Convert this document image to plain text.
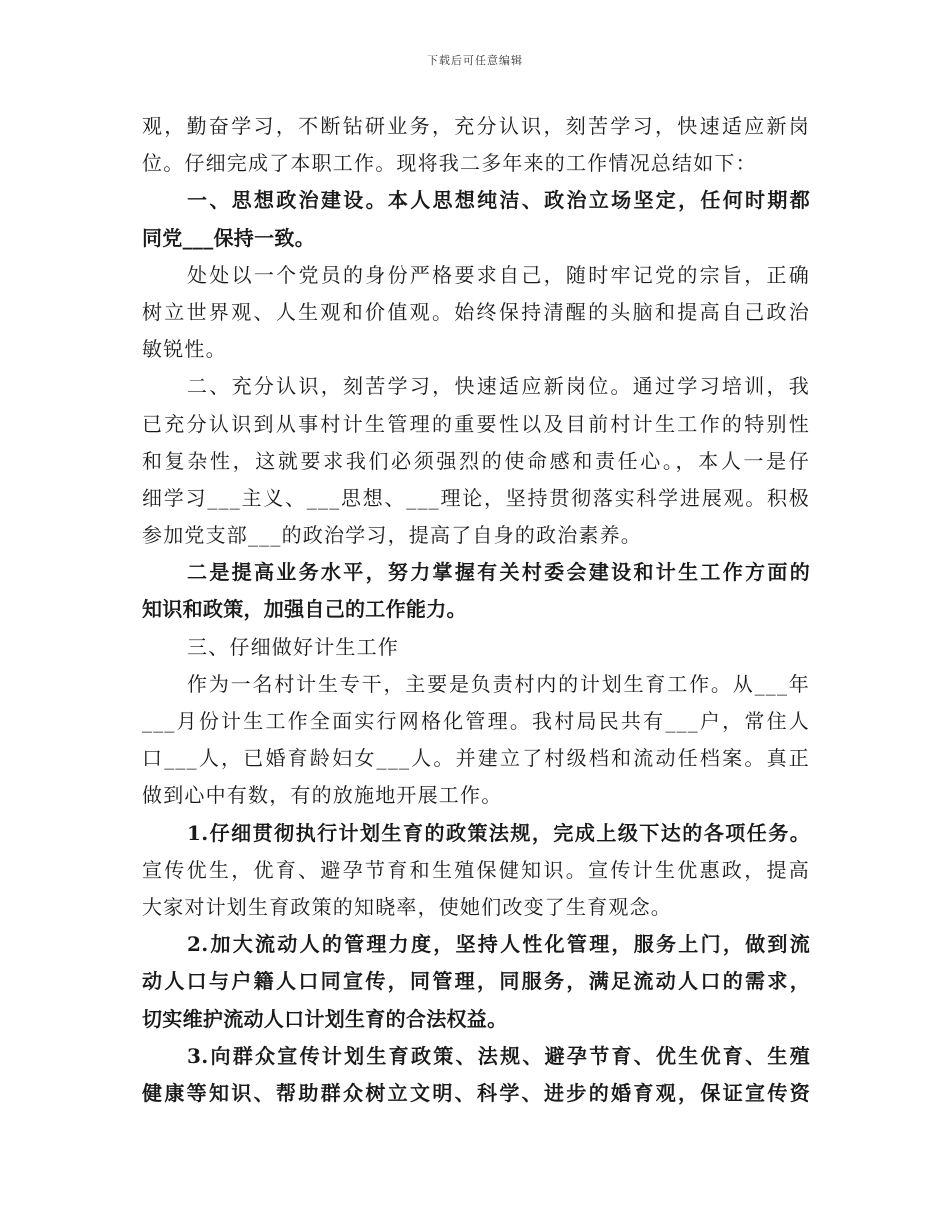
下载后可任意编辑
观，勤奋学习，不断钻研业务，充分认识，刻苦学习，快速适应新岗
位。仔细完成了本职工作。现将我二多年来的工作情况总结如下：
一、思想政治建设。本人思想纯洁、政治立场坚定，任何时期都
同党___保持一致。
处处以一个党员的身份严格要求自己，随时牢记党的宗旨，正确
树立世界观、人生观和价值观。始终保持清醒的头脑和提高自己政治
敏锐性。
二、充分认识，刻苦学习，快速适应新岗位。通过学习培训，我
已充分认识到从事村计生管理的重要性以及目前村计生工作的特别性
和复杂性，这就要求我们必须强烈的使命感和责任心。，本人一是仔
细学习___主义、___思想、___理论，坚持贯彻落实科学进展观。积极
参加党支部___的政治学习，提高了自身的政治素养。
二是提高业务水平，努力掌握有关村委会建设和计生工作方面的
知识和政策，加强自己的工作能力。
三、仔细做好计生工作
作为一名村计生专干，主要是负责村内的计划生育工作。从___年
___月份计生工作全面实行网格化管理。我村局民共有___户，常住人
口___人，已婚育龄妇女___人。并建立了村级档和流动任档案。真正
做到心中有数，有的放施地开展工作。
1.仔细贯彻执行计划生育的政策法规，完成上级下达的各项任务。
宣传优生，优育、避孕节育和生殖保健知识。宣传计生优惠政，提高
大家对计划生育政策的知晓率，使她们改变了生育观念。
2.加大流动人的管理力度，坚持人性化管理，服务上门，做到流
动人口与户籍人口同宣传，同管理，同服务，满足流动人口的需求，
切实维护流动人口计划生育的合法权益。
3.向群众宣传计划生育政策、法规、避孕节育、优生优育、生殖
健康等知识、帮助群众树立文明、科学、进步的婚育观，保证宣传资
